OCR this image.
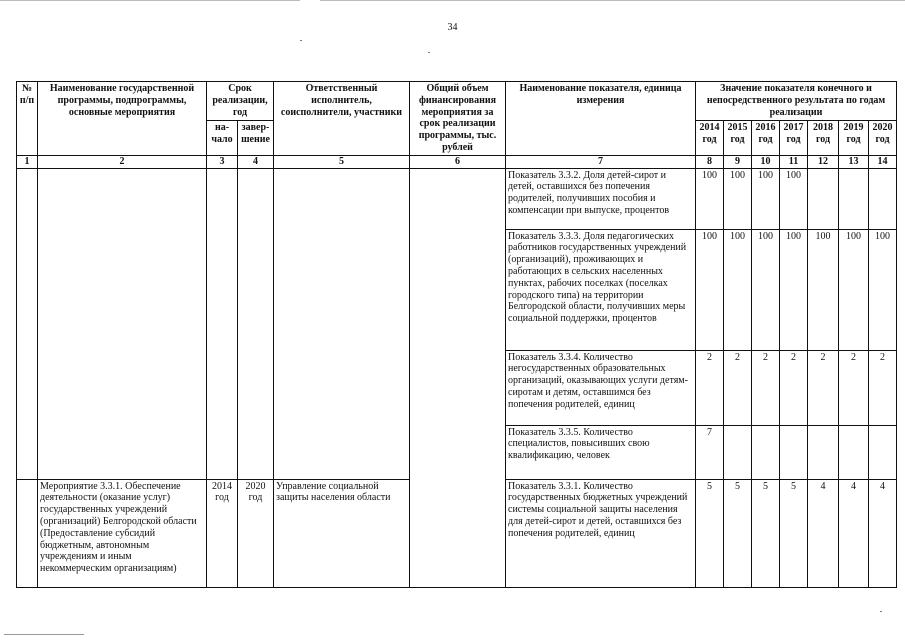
34
№ п/п	Наименование государственной программы, подпрограммы, основные мероприятия	Срок реализации, год		Ответственный исполнитель, соисполнители, участники	Общий объем финансирования мероприятия за срок реализации программы, тыс. рублей	Наименование показателя, единица измерения	Значение показателя конечного и непосредственного результата по годам реализации						
		на-чало	завер-шение				2014 год	2015 год	2016 год	2017 год	2018 год	2019 год	2020 год
1	2	3	4	5	6	7	8	9	10	11	12	13	14
						Показатель 3.3.2. Доля детей-сирот и детей, оставшихся без попечения родителей, получивших пособия и компенсации при выпуске, процентов	100	100	100	100			
						Показатель 3.3.3. Доля педагогических работников государственных учреждений (организаций), проживающих и работающих в сельских населенных пунктах, рабочих поселках (поселках городского типа) на территории Белгородской области, получивших меры социальной поддержки, процентов	100	100	100	100	100	100	100
						Показатель 3.3.4. Количество негосударственных образовательных организаций, оказывающих услуги детям-сиротам и детям, оставшимся без попечения родителей, единиц	2	2	2	2	2	2	2
						Показатель 3.3.5. Количество специалистов, повысивших свою квалификацию, человек	7						
	Мероприятие 3.3.1. Обеспечение деятельности (оказание услуг) государственных учреждений (организаций) Белгородской области (Предоставление субсидий бюджетным, автономным учреждениям и иным некоммерческим организациям)	2014 год	2020 год	Управление социальной защиты населения области		Показатель 3.3.1. Количество государственных бюджетных учреждений системы социальной защиты населения для детей-сирот и детей, оставшихся без попечения родителей, единиц	5	5	5	5	4	4	4
